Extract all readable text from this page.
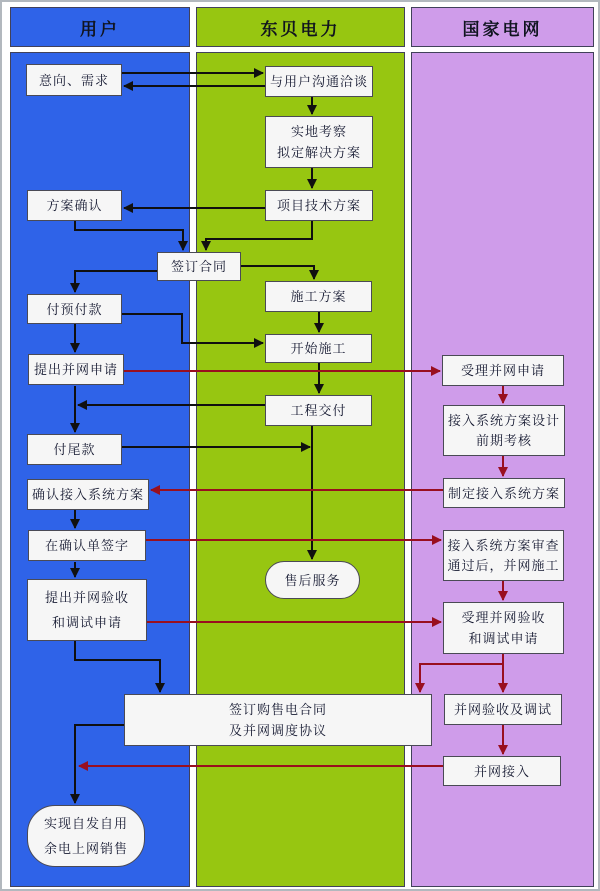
用户	东贝电力	国家电网
意向、需求
方案确认
签订合同
付预付款
提出并网申请
付尾款
确认接入系统方案
在确认单签字
提出并网验收
和调试申请
实现自发自用
余电上网销售
与用户沟通洽谈
实地考察
拟定解决方案
项目技术方案
施工方案
开始施工
工程交付
售后服务
签订购售电合同
及并网调度协议
受理并网申请
接入系统方案设计
前期考核
制定接入系统方案
接入系统方案审查
通过后，并网施工
受理并网验收
和调试申请
并网验收及调试
并网接入
